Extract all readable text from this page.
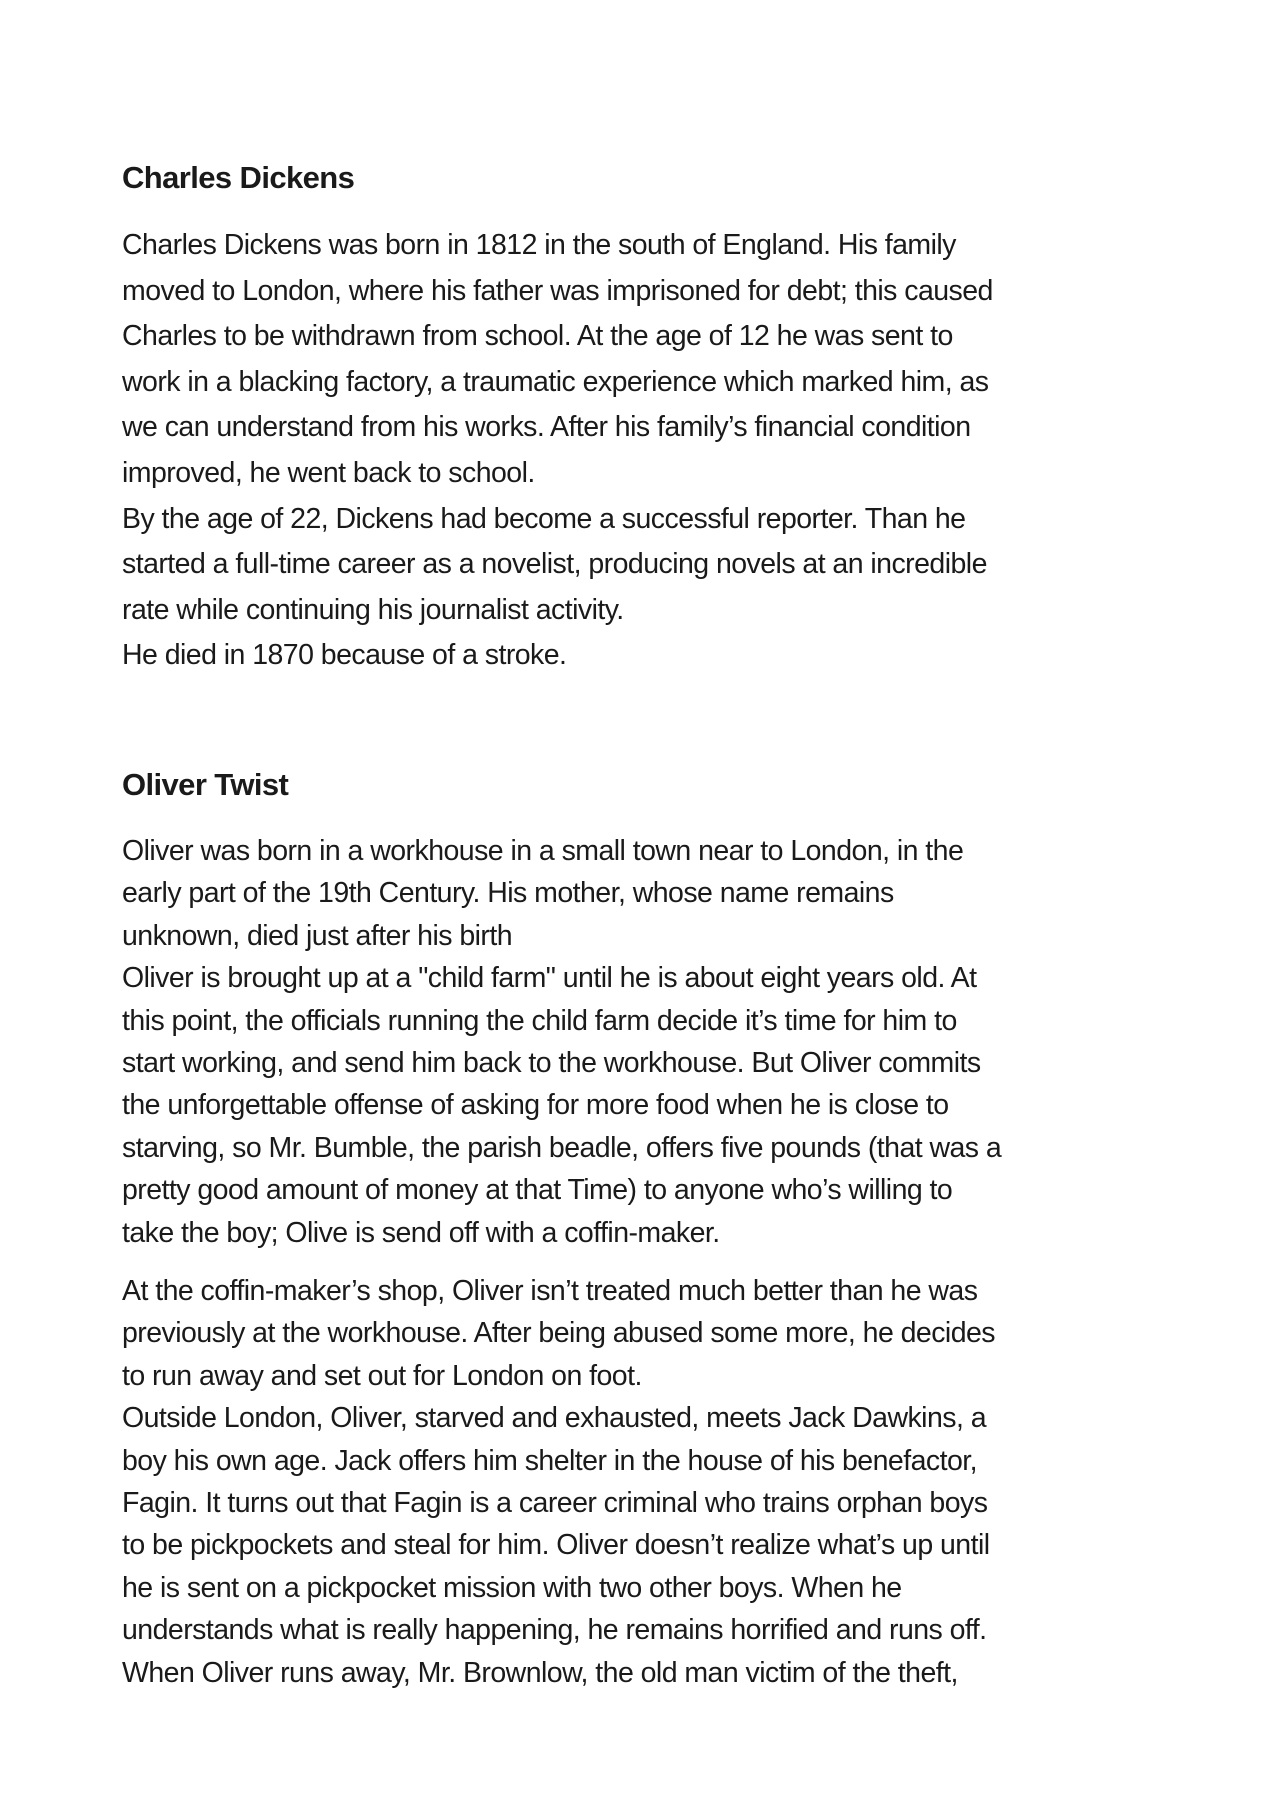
Charles Dickens
Charles Dickens was born in 1812 in the south of England. His family
moved to London, where his father was imprisoned for debt; this caused
Charles to be withdrawn from school. At the age of 12 he was sent to
work in a blacking factory, a traumatic experience which marked him, as
we can understand from his works. After his family’s financial condition
improved, he went back to school.
By the age of 22, Dickens had become a successful reporter. Than he
started a full-time career as a novelist, producing novels at an incredible
rate while continuing his journalist activity.
He died in 1870 because of a stroke.
Oliver Twist
Oliver was born in a workhouse in a small town near to London, in the
early part of the 19th Century. His mother, whose name remains
unknown, died just after his birth
Oliver is brought up at a "child farm" until he is about eight years old. At
this point, the officials running the child farm decide it’s time for him to
start working, and send him back to the workhouse. But Oliver commits
the unforgettable offense of asking for more food when he is close to
starving, so Mr. Bumble, the parish beadle, offers five pounds (that was a
pretty good amount of money at that Time) to anyone who’s willing to
take the boy; Olive is send off with a coffin-maker.
At the coffin-maker’s shop, Oliver isn’t treated much better than he was
previously at the workhouse. After being abused some more, he decides
to run away and set out for London on foot.
Outside London, Oliver, starved and exhausted, meets Jack Dawkins, a
boy his own age. Jack offers him shelter in the house of his benefactor,
Fagin. It turns out that Fagin is a career criminal who trains orphan boys
to be pickpockets and steal for him. Oliver doesn’t realize what’s up until
he is sent on a pickpocket mission with two other boys. When he
understands what is really happening, he remains horrified and runs off.
When Oliver runs away, Mr. Brownlow, the old man victim of the theft,
